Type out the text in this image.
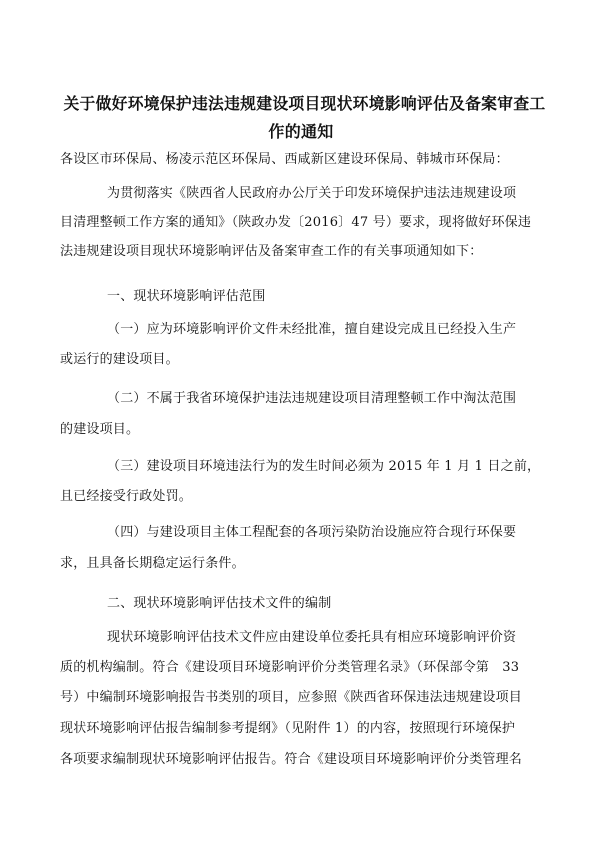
关于做好环境保护违法违规建设项目现状环境影响评估及备案审查工
作的通知
各设区市环保局、杨凌示范区环保局、西咸新区建设环保局、韩城市环保局：
为贯彻落实《陕西省人民政府办公厅关于印发环境保护违法违规建设项
目清理整顿工作方案的通知》（陕政办发〔2016〕47 号）要求，现将做好环保违
法违规建设项目现状环境影响评估及备案审查工作的有关事项通知如下：
一、现状环境影响评估范围
（一）应为环境影响评价文件未经批准，擅自建设完成且已经投入生产
或运行的建设项目。
（二）不属于我省环境保护违法违规建设项目清理整顿工作中淘汰范围
的建设项目。
（三）建设项目环境违法行为的发生时间必须为 2015 年 1 月 1 日之前，
且已经接受行政处罚。
（四）与建设项目主体工程配套的各项污染防治设施应符合现行环保要
求，且具备长期稳定运行条件。
二、现状环境影响评估技术文件的编制
现状环境影响评估技术文件应由建设单位委托具有相应环境影响评价资
质的机构编制。符合《建设项目环境影响评价分类管理名录》（环保部令第　33
号）中编制环境影响报告书类别的项目，应参照《陕西省环保违法违规建设项目
现状环境影响评估报告编制参考提纲》（见附件 1）的内容，按照现行环境保护
各项要求编制现状环境影响评估报告。符合《建设项目环境影响评价分类管理名
